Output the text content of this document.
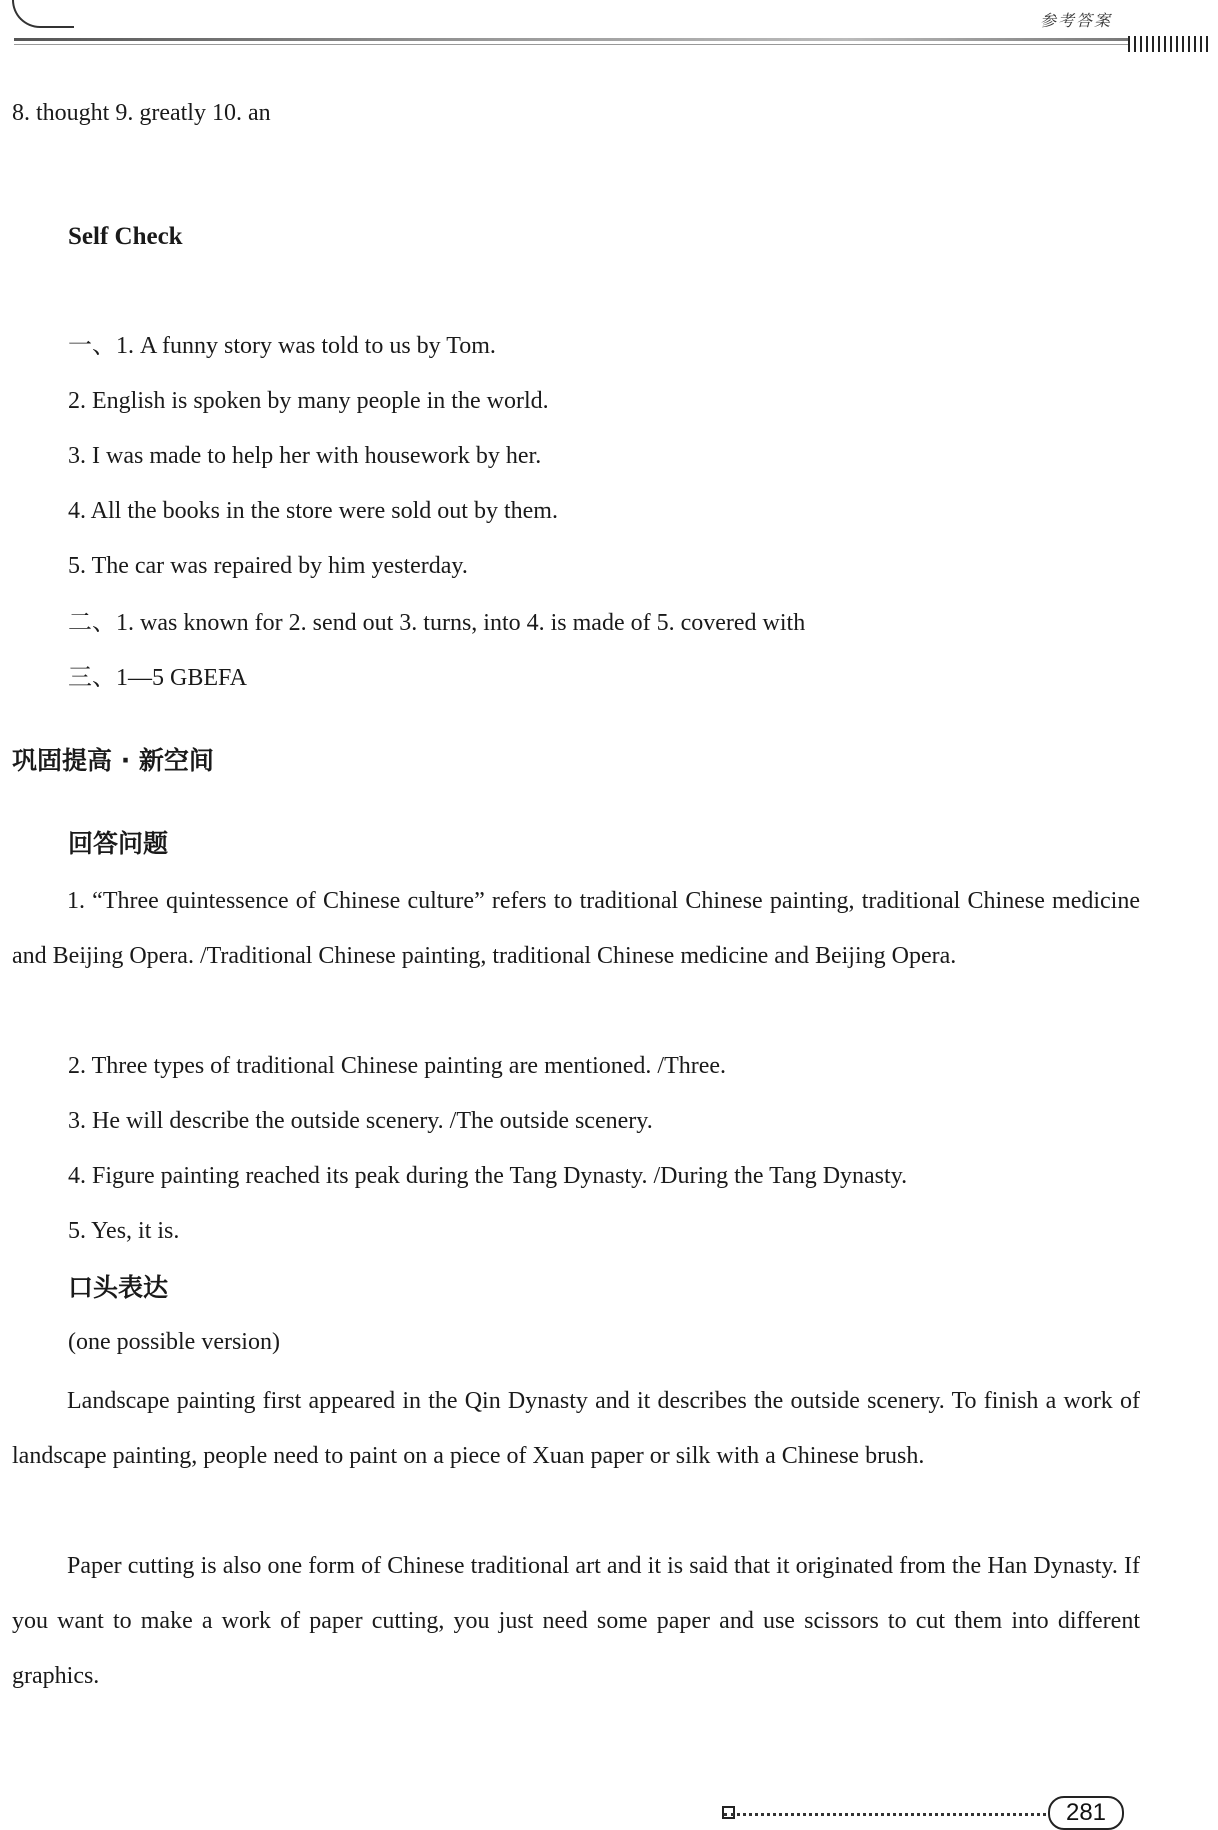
参考答案
8. thought 9. greatly 10. an
Self Check
一、1. A funny story was told to us by Tom.
2. English is spoken by many people in the world.
3. I was made to help her with housework by her.
4. All the books in the store were sold out by them.
5. The car was repaired by him yesterday.
二、1. was known for 2. send out 3. turns, into 4. is made of 5. covered with
三、1—5 GBEFA
巩固提高 · 新空间
回答问题
1. “Three quintessence of Chinese culture” refers to traditional Chinese painting, traditional Chinese medicine and Beijing Opera. /Traditional Chinese painting, traditional Chinese medicine and Beijing Opera.
2. Three types of traditional Chinese painting are mentioned. /Three.
3. He will describe the outside scenery. /The outside scenery.
4. Figure painting reached its peak during the Tang Dynasty. /During the Tang Dynasty.
5. Yes, it is.
口头表达
(one possible version)
Landscape painting first appeared in the Qin Dynasty and it describes the outside scenery. To finish a work of landscape painting, people need to paint on a piece of Xuan paper or silk with a Chinese brush.
Paper cutting is also one form of Chinese traditional art and it is said that it originated from the Han Dynasty. If you want to make a work of paper cutting, you just need some paper and use scissors to cut them into different graphics.
281
